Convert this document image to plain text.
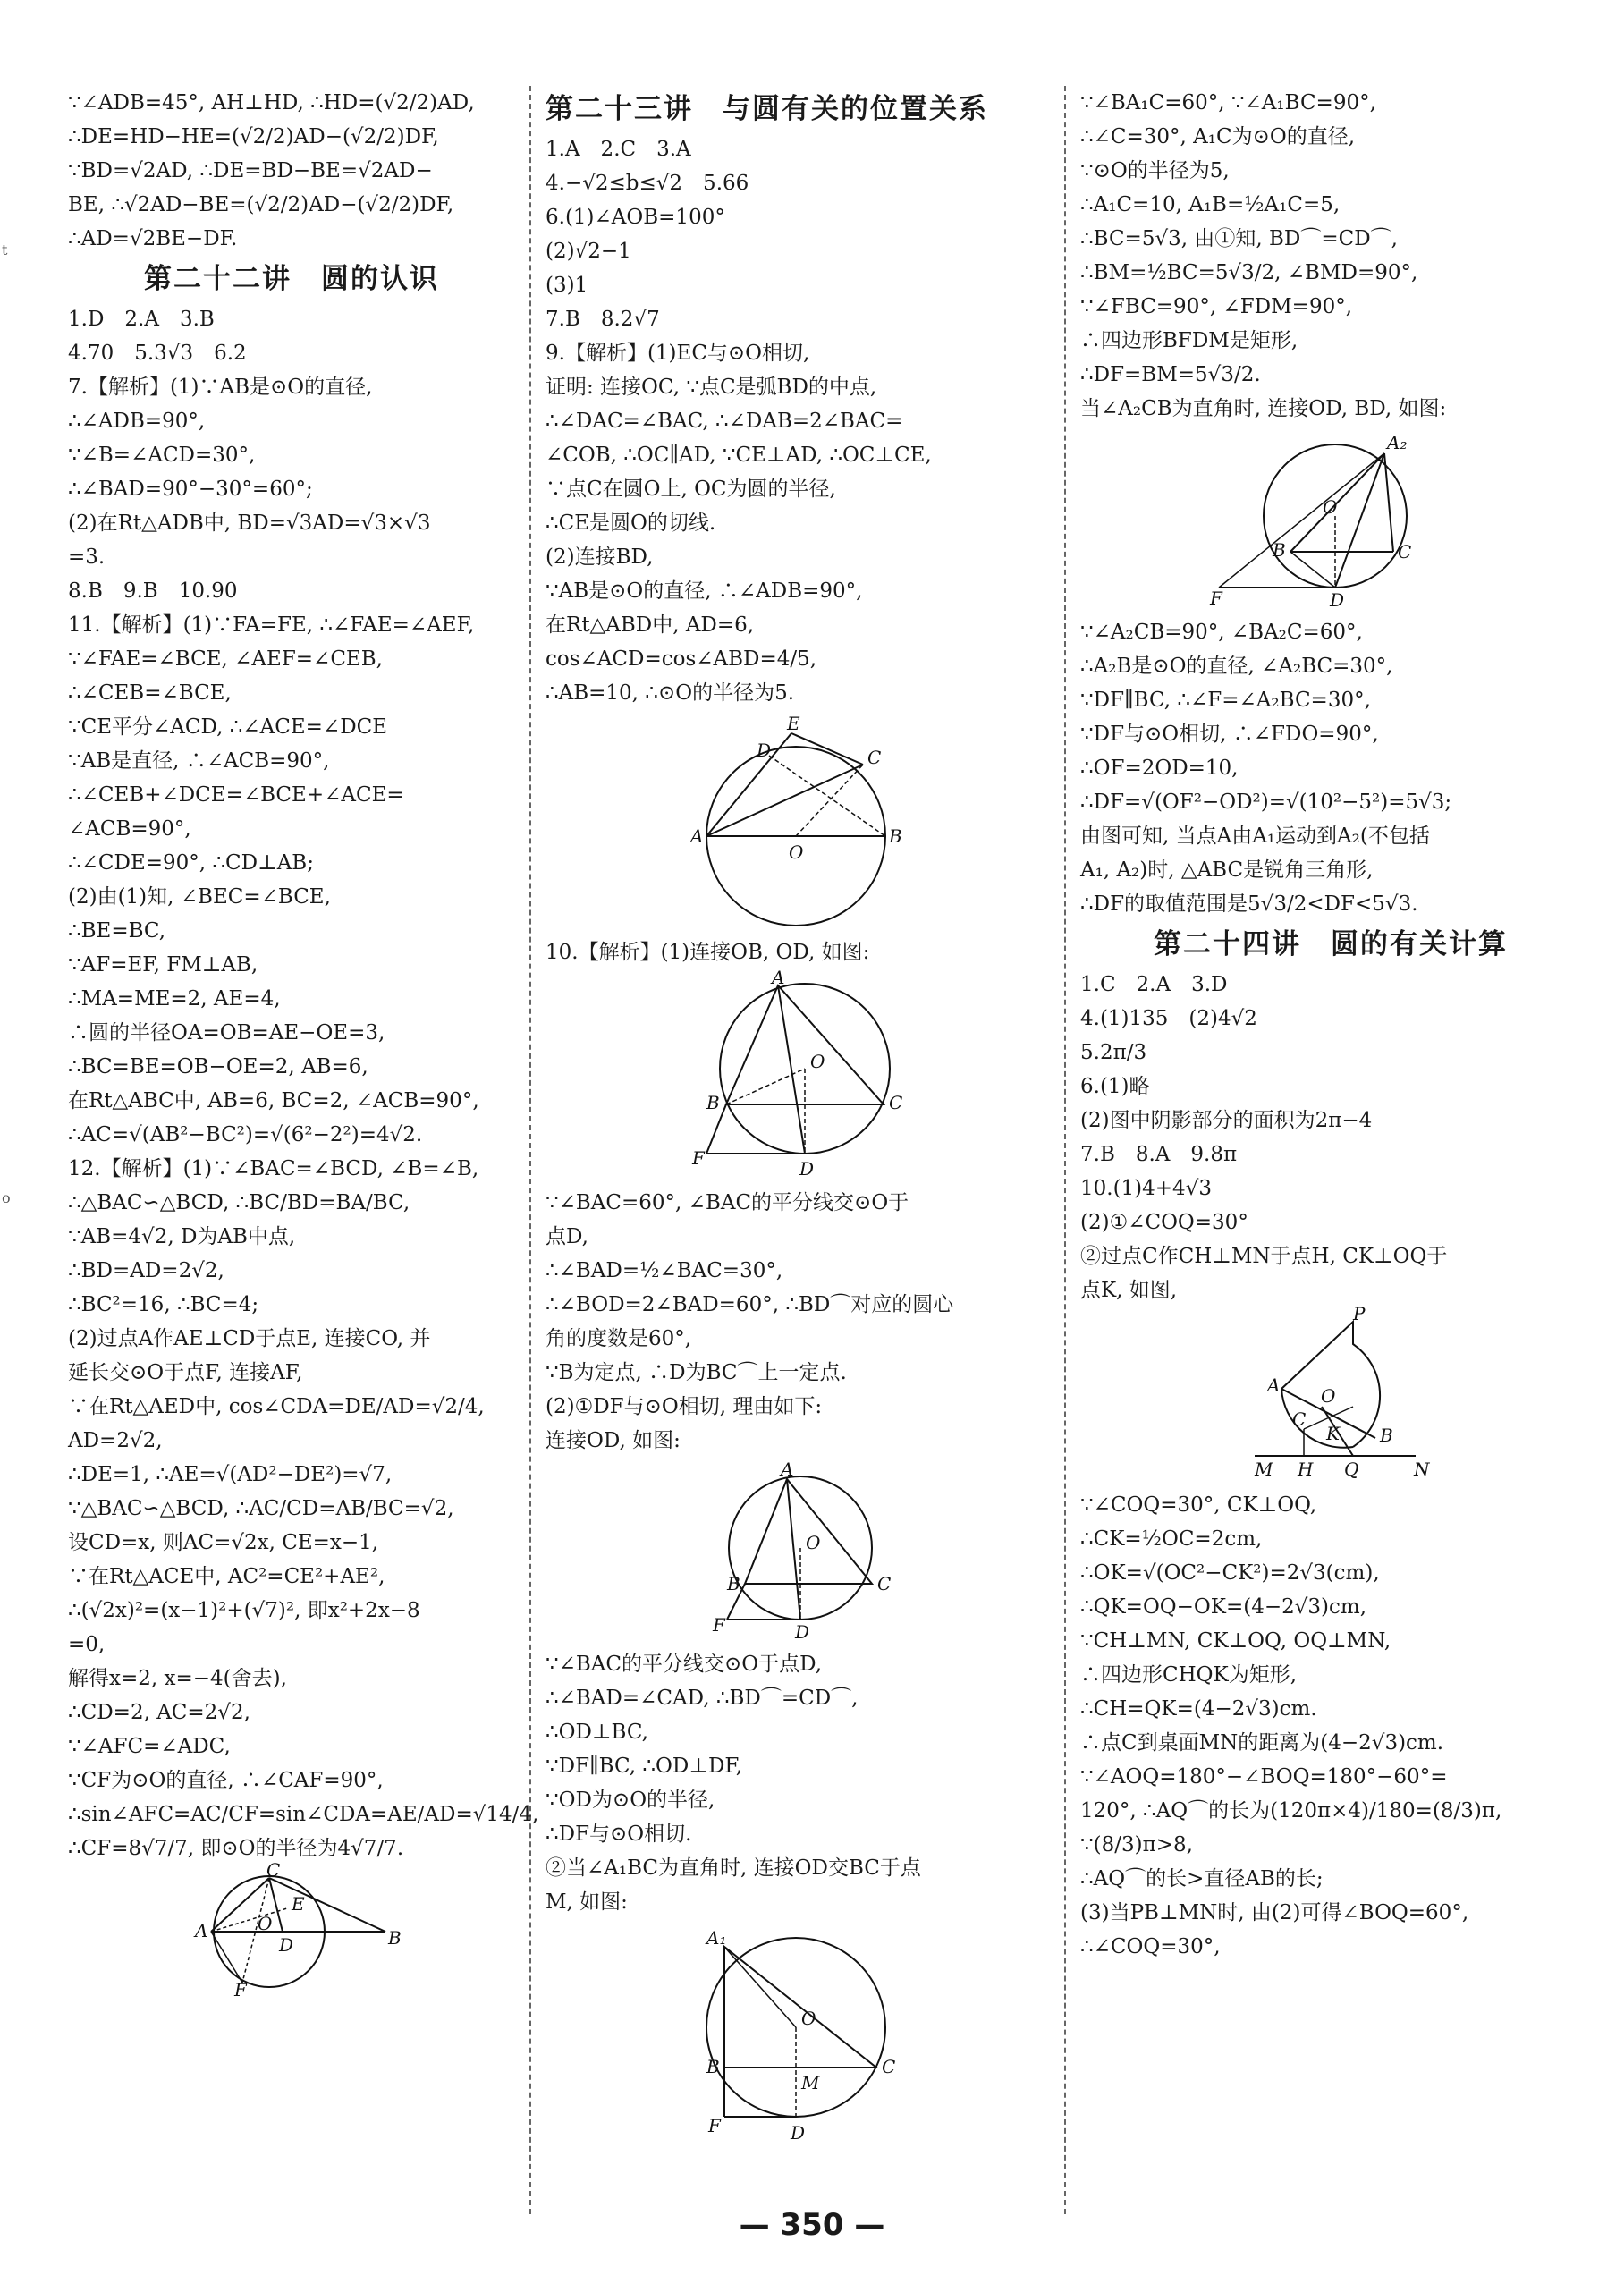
t
o
∵∠ADB=45°, AH⊥HD, ∴HD=(√2/2)AD,
∴DE=HD−HE=(√2/2)AD−(√2/2)DF,
∵BD=√2AD, ∴DE=BD−BE=√2AD−
BE, ∴√2AD−BE=(√2/2)AD−(√2/2)DF,
∴AD=√2BE−DF.
第二十二讲　圆的认识
1.D　2.A　3.B
4.70　5.3√3　6.2
7.【解析】(1)∵AB是⊙O的直径,
∴∠ADB=90°,
∵∠B=∠ACD=30°,
∴∠BAD=90°−30°=60°;
(2)在Rt△ADB中, BD=√3AD=√3×√3
=3.
8.B　9.B　10.90
11.【解析】(1)∵FA=FE, ∴∠FAE=∠AEF,
∵∠FAE=∠BCE, ∠AEF=∠CEB,
∴∠CEB=∠BCE,
∵CE平分∠ACD, ∴∠ACE=∠DCE
∵AB是直径, ∴∠ACB=90°,
∴∠CEB+∠DCE=∠BCE+∠ACE=
∠ACB=90°,
∴∠CDE=90°, ∴CD⊥AB;
(2)由(1)知, ∠BEC=∠BCE,
∴BE=BC,
∵AF=EF, FM⊥AB,
∴MA=ME=2, AE=4,
∴圆的半径OA=OB=AE−OE=3,
∴BC=BE=OB−OE=2, AB=6,
在Rt△ABC中, AB=6, BC=2, ∠ACB=90°,
∴AC=√(AB²−BC²)=√(6²−2²)=4√2.
12.【解析】(1)∵∠BAC=∠BCD, ∠B=∠B,
∴△BAC∽△BCD, ∴BC/BD=BA/BC,
∵AB=4√2, D为AB中点,
∴BD=AD=2√2,
∴BC²=16, ∴BC=4;
(2)过点A作AE⊥CD于点E, 连接CO, 并
延长交⊙O于点F, 连接AF,
∵在Rt△AED中, cos∠CDA=DE/AD=√2/4,
AD=2√2,
∴DE=1, ∴AE=√(AD²−DE²)=√7,
∵△BAC∽△BCD, ∴AC/CD=AB/BC=√2,
设CD=x, 则AC=√2x, CE=x−1,
∵在Rt△ACE中, AC²=CE²+AE²,
∴(√2x)²=(x−1)²+(√7)², 即x²+2x−8
=0,
解得x=2, x=−4(舍去),
∴CD=2, AC=2√2,
∵∠AFC=∠ADC,
∵CF为⊙O的直径, ∴∠CAF=90°,
∴sin∠AFC=AC/CF=sin∠CDA=AE/AD=√14/4,
∴CF=8√7/7, 即⊙O的半径为4√7/7.
C
E
O
A
D	B
F
第二十三讲　与圆有关的位置关系
1.A　2.C　3.A
4.−√2≤b≤√2　5.66
6.(1)∠AOB=100°
(2)√2−1
(3)1
7.B　8.2√7
9.【解析】(1)EC与⊙O相切,
证明: 连接OC, ∵点C是弧BD的中点,
∴∠DAC=∠BAC, ∴∠DAB=2∠BAC=
∠COB, ∴OC∥AD, ∵CE⊥AD, ∴OC⊥CE,
∵点C在圆O上, OC为圆的半径,
∴CE是圆O的切线.
(2)连接BD,
∵AB是⊙O的直径, ∴∠ADB=90°,
在Rt△ABD中, AD=6,
cos∠ACD=cos∠ABD=4/5,
∴AB=10, ∴⊙O的半径为5.
E
D	C
A	B
O
10.【解析】(1)连接OB, OD, 如图:
A
O
B	C
F	D
∵∠BAC=60°, ∠BAC的平分线交⊙O于
点D,
∴∠BAD=½∠BAC=30°,
∴∠BOD=2∠BAD=60°, ∴BD⌒对应的圆心
角的度数是60°,
∵B为定点, ∴D为BC⌒上一定点.
(2)①DF与⊙O相切, 理由如下:
连接OD, 如图:
A
O
B	C
F	D
∵∠BAC的平分线交⊙O于点D,
∴∠BAD=∠CAD, ∴BD⌒=CD⌒,
∴OD⊥BC,
∵DF∥BC, ∴OD⊥DF,
∵OD为⊙O的半径,
∴DF与⊙O相切.
②当∠A₁BC为直角时, 连接OD交BC于点
M, 如图:
A₁
O
B	C
M
F	D
∵∠BA₁C=60°, ∵∠A₁BC=90°,
∴∠C=30°, A₁C为⊙O的直径,
∵⊙O的半径为5,
∴A₁C=10, A₁B=½A₁C=5,
∴BC=5√3, 由①知, BD⌒=CD⌒,
∴BM=½BC=5√3/2, ∠BMD=90°,
∵∠FBC=90°, ∠FDM=90°,
∴四边形BFDM是矩形,
∴DF=BM=5√3/2.
当∠A₂CB为直角时, 连接OD, BD, 如图:
A₂
O
B	C
F	D
∵∠A₂CB=90°, ∠BA₂C=60°,
∴A₂B是⊙O的直径, ∠A₂BC=30°,
∵DF∥BC, ∴∠F=∠A₂BC=30°,
∵DF与⊙O相切, ∴∠FDO=90°,
∴OF=2OD=10,
∴DF=√(OF²−OD²)=√(10²−5²)=5√3;
由图可知, 当点A由A₁运动到A₂(不包括
A₁, A₂)时, △ABC是锐角三角形,
∴DF的取值范围是5√3/2<DF<5√3.
第二十四讲　圆的有关计算
1.C　2.A　3.D
4.(1)135　(2)4√2
5.2π/3
6.(1)略
(2)图中阴影部分的面积为2π−4
7.B　8.A　9.8π
10.(1)4+4√3
(2)①∠COQ=30°
②过点C作CH⊥MN于点H, CK⊥OQ于
点K, 如图,
P
A O
C
K B
M H Q	N
∵∠COQ=30°, CK⊥OQ,
∴CK=½OC=2cm,
∴OK=√(OC²−CK²)=2√3(cm),
∴QK=OQ−OK=(4−2√3)cm,
∵CH⊥MN, CK⊥OQ, OQ⊥MN,
∴四边形CHQK为矩形,
∴CH=QK=(4−2√3)cm.
∴点C到桌面MN的距离为(4−2√3)cm.
∵∠AOQ=180°−∠BOQ=180°−60°=
120°, ∴AQ⌒的长为(120π×4)/180=(8/3)π,
∵(8/3)π>8,
∴AQ⌒的长>直径AB的长;
(3)当PB⊥MN时, 由(2)可得∠BOQ=60°,
∴∠COQ=30°,
— 350 —
